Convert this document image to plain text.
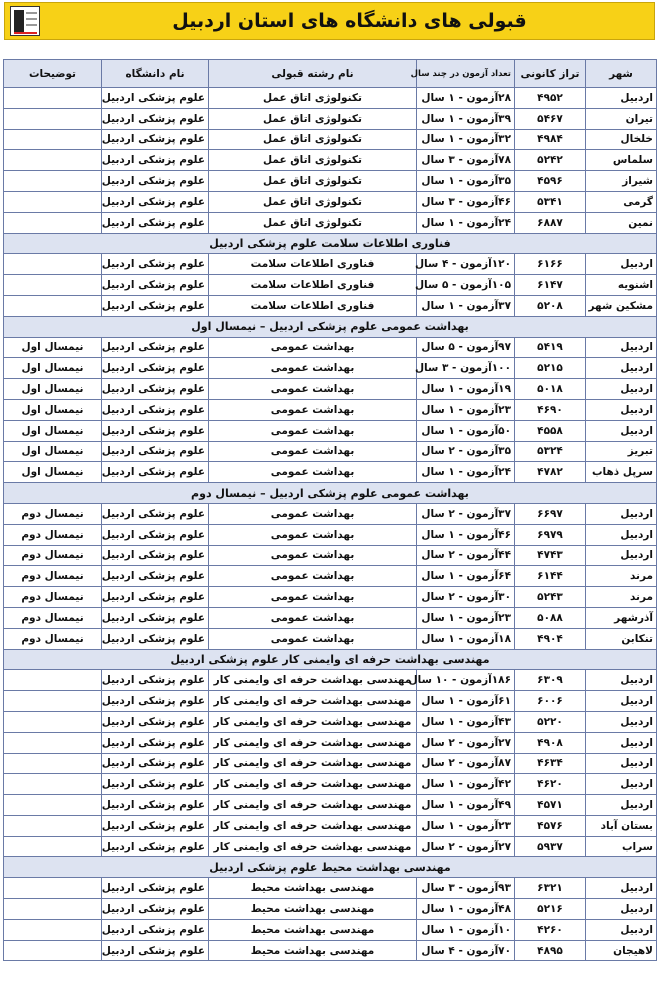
قبولی های دانشگاه های استان اردبیل
شهر	تراز کانونی	تعداد آزمون در چند سال	نام رشته قبولی	نام دانشگاه	توضیحات
اردبیل	۴۹۵۲	۲۸آزمون - ۱ سال	تکنولوژی اتاق عمل	علوم پزشکی اردبیل	
تیران	۵۴۶۷	۳۹آزمون - ۱ سال	تکنولوژی اتاق عمل	علوم پزشکی اردبیل	
خلخال	۴۹۸۴	۳۲آزمون - ۱ سال	تکنولوژی اتاق عمل	علوم پزشکی اردبیل	
سلماس	۵۲۴۲	۷۸آزمون - ۳ سال	تکنولوژی اتاق عمل	علوم پزشکی اردبیل	
شیراز	۴۵۹۶	۳۵آزمون - ۱ سال	تکنولوژی اتاق عمل	علوم پزشکی اردبیل	
گرمی	۵۳۴۱	۴۶آزمون - ۳ سال	تکنولوژی اتاق عمل	علوم پزشکی اردبیل	
نمین	۶۸۸۷	۲۴آزمون - ۱ سال	تکنولوژی اتاق عمل	علوم پزشکی اردبیل	
فناوری اطلاعات سلامت علوم پزشکی اردبیل					
اردبیل	۶۱۶۶	۱۲۰آزمون - ۴ سال	فناوری اطلاعات سلامت	علوم پزشکی اردبیل	
اشنویه	۶۱۴۷	۱۰۵آزمون - ۵ سال	فناوری اطلاعات سلامت	علوم پزشکی اردبیل	
مشکین شهر	۵۲۰۸	۳۷آزمون - ۱ سال	فناوری اطلاعات سلامت	علوم پزشکی اردبیل	
بهداشت عمومی علوم پزشکی اردبیل – نیمسال اول					
اردبیل	۵۴۱۹	۹۷آزمون - ۵ سال	بهداشت عمومی	علوم پزشکی اردبیل	نیمسال اول
اردبیل	۵۲۱۵	۱۰۰آزمون - ۳ سال	بهداشت عمومی	علوم پزشکی اردبیل	نیمسال اول
اردبیل	۵۰۱۸	۱۹آزمون - ۱ سال	بهداشت عمومی	علوم پزشکی اردبیل	نیمسال اول
اردبیل	۴۶۹۰	۲۳آزمون - ۱ سال	بهداشت عمومی	علوم پزشکی اردبیل	نیمسال اول
اردبیل	۴۵۵۸	۵۰آزمون - ۱ سال	بهداشت عمومی	علوم پزشکی اردبیل	نیمسال اول
تبریز	۵۳۲۴	۳۵آزمون - ۲ سال	بهداشت عمومی	علوم پزشکی اردبیل	نیمسال اول
سرپل ذهاب	۴۷۸۲	۲۴آزمون - ۱ سال	بهداشت عمومی	علوم پزشکی اردبیل	نیمسال اول
بهداشت عمومی علوم پزشکی اردبیل – نیمسال دوم					
اردبیل	۶۶۹۷	۳۷آزمون - ۲ سال	بهداشت عمومی	علوم پزشکی اردبیل	نیمسال دوم
اردبیل	۶۹۷۹	۴۶آزمون - ۱ سال	بهداشت عمومی	علوم پزشکی اردبیل	نیمسال دوم
اردبیل	۴۷۴۳	۴۴آزمون - ۲ سال	بهداشت عمومی	علوم پزشکی اردبیل	نیمسال دوم
مرند	۶۱۴۴	۶۴آزمون - ۱ سال	بهداشت عمومی	علوم پزشکی اردبیل	نیمسال دوم
مرند	۵۲۴۳	۳۰آزمون - ۲ سال	بهداشت عمومی	علوم پزشکی اردبیل	نیمسال دوم
آذرشهر	۵۰۸۸	۲۳آزمون - ۱ سال	بهداشت عمومی	علوم پزشکی اردبیل	نیمسال دوم
تنکابن	۴۹۰۴	۱۸آزمون - ۱ سال	بهداشت عمومی	علوم پزشکی اردبیل	نیمسال دوم
مهندسی بهداشت حرفه ای وایمنی کار علوم پزشکی اردبیل					
اردبیل	۶۳۰۹	۱۸۶آزمون - ۱۰ سال	مهندسی بهداشت حرفه ای وایمنی کار	علوم پزشکی اردبیل	
اردبیل	۶۰۰۶	۶۱آزمون - ۱ سال	مهندسی بهداشت حرفه ای وایمنی کار	علوم پزشکی اردبیل	
اردبیل	۵۲۲۰	۴۳آزمون - ۱ سال	مهندسی بهداشت حرفه ای وایمنی کار	علوم پزشکی اردبیل	
اردبیل	۴۹۰۸	۲۷آزمون - ۲ سال	مهندسی بهداشت حرفه ای وایمنی کار	علوم پزشکی اردبیل	
اردبیل	۴۶۳۴	۸۷آزمون - ۲ سال	مهندسی بهداشت حرفه ای وایمنی کار	علوم پزشکی اردبیل	
اردبیل	۴۶۲۰	۴۲آزمون - ۱ سال	مهندسی بهداشت حرفه ای وایمنی کار	علوم پزشکی اردبیل	
اردبیل	۴۵۷۱	۴۹آزمون - ۱ سال	مهندسی بهداشت حرفه ای وایمنی کار	علوم پزشکی اردبیل	
بستان آباد	۴۵۷۶	۲۳آزمون - ۱ سال	مهندسی بهداشت حرفه ای وایمنی کار	علوم پزشکی اردبیل	
سراب	۵۹۳۷	۲۷آزمون - ۲ سال	مهندسی بهداشت حرفه ای وایمنی کار	علوم پزشکی اردبیل	
مهندسی بهداشت محیط علوم پزشکی اردبیل					
اردبیل	۶۳۲۱	۹۳آزمون - ۳ سال	مهندسی بهداشت محیط	علوم پزشکی اردبیل	
اردبیل	۵۲۱۶	۴۸آزمون - ۱ سال	مهندسی بهداشت محیط	علوم پزشکی اردبیل	
اردبیل	۴۲۶۰	۱۰آزمون - ۱ سال	مهندسی بهداشت محیط	علوم پزشکی اردبیل	
لاهیجان	۴۸۹۵	۷۰آزمون - ۴ سال	مهندسی بهداشت محیط	علوم پزشکی اردبیل	
